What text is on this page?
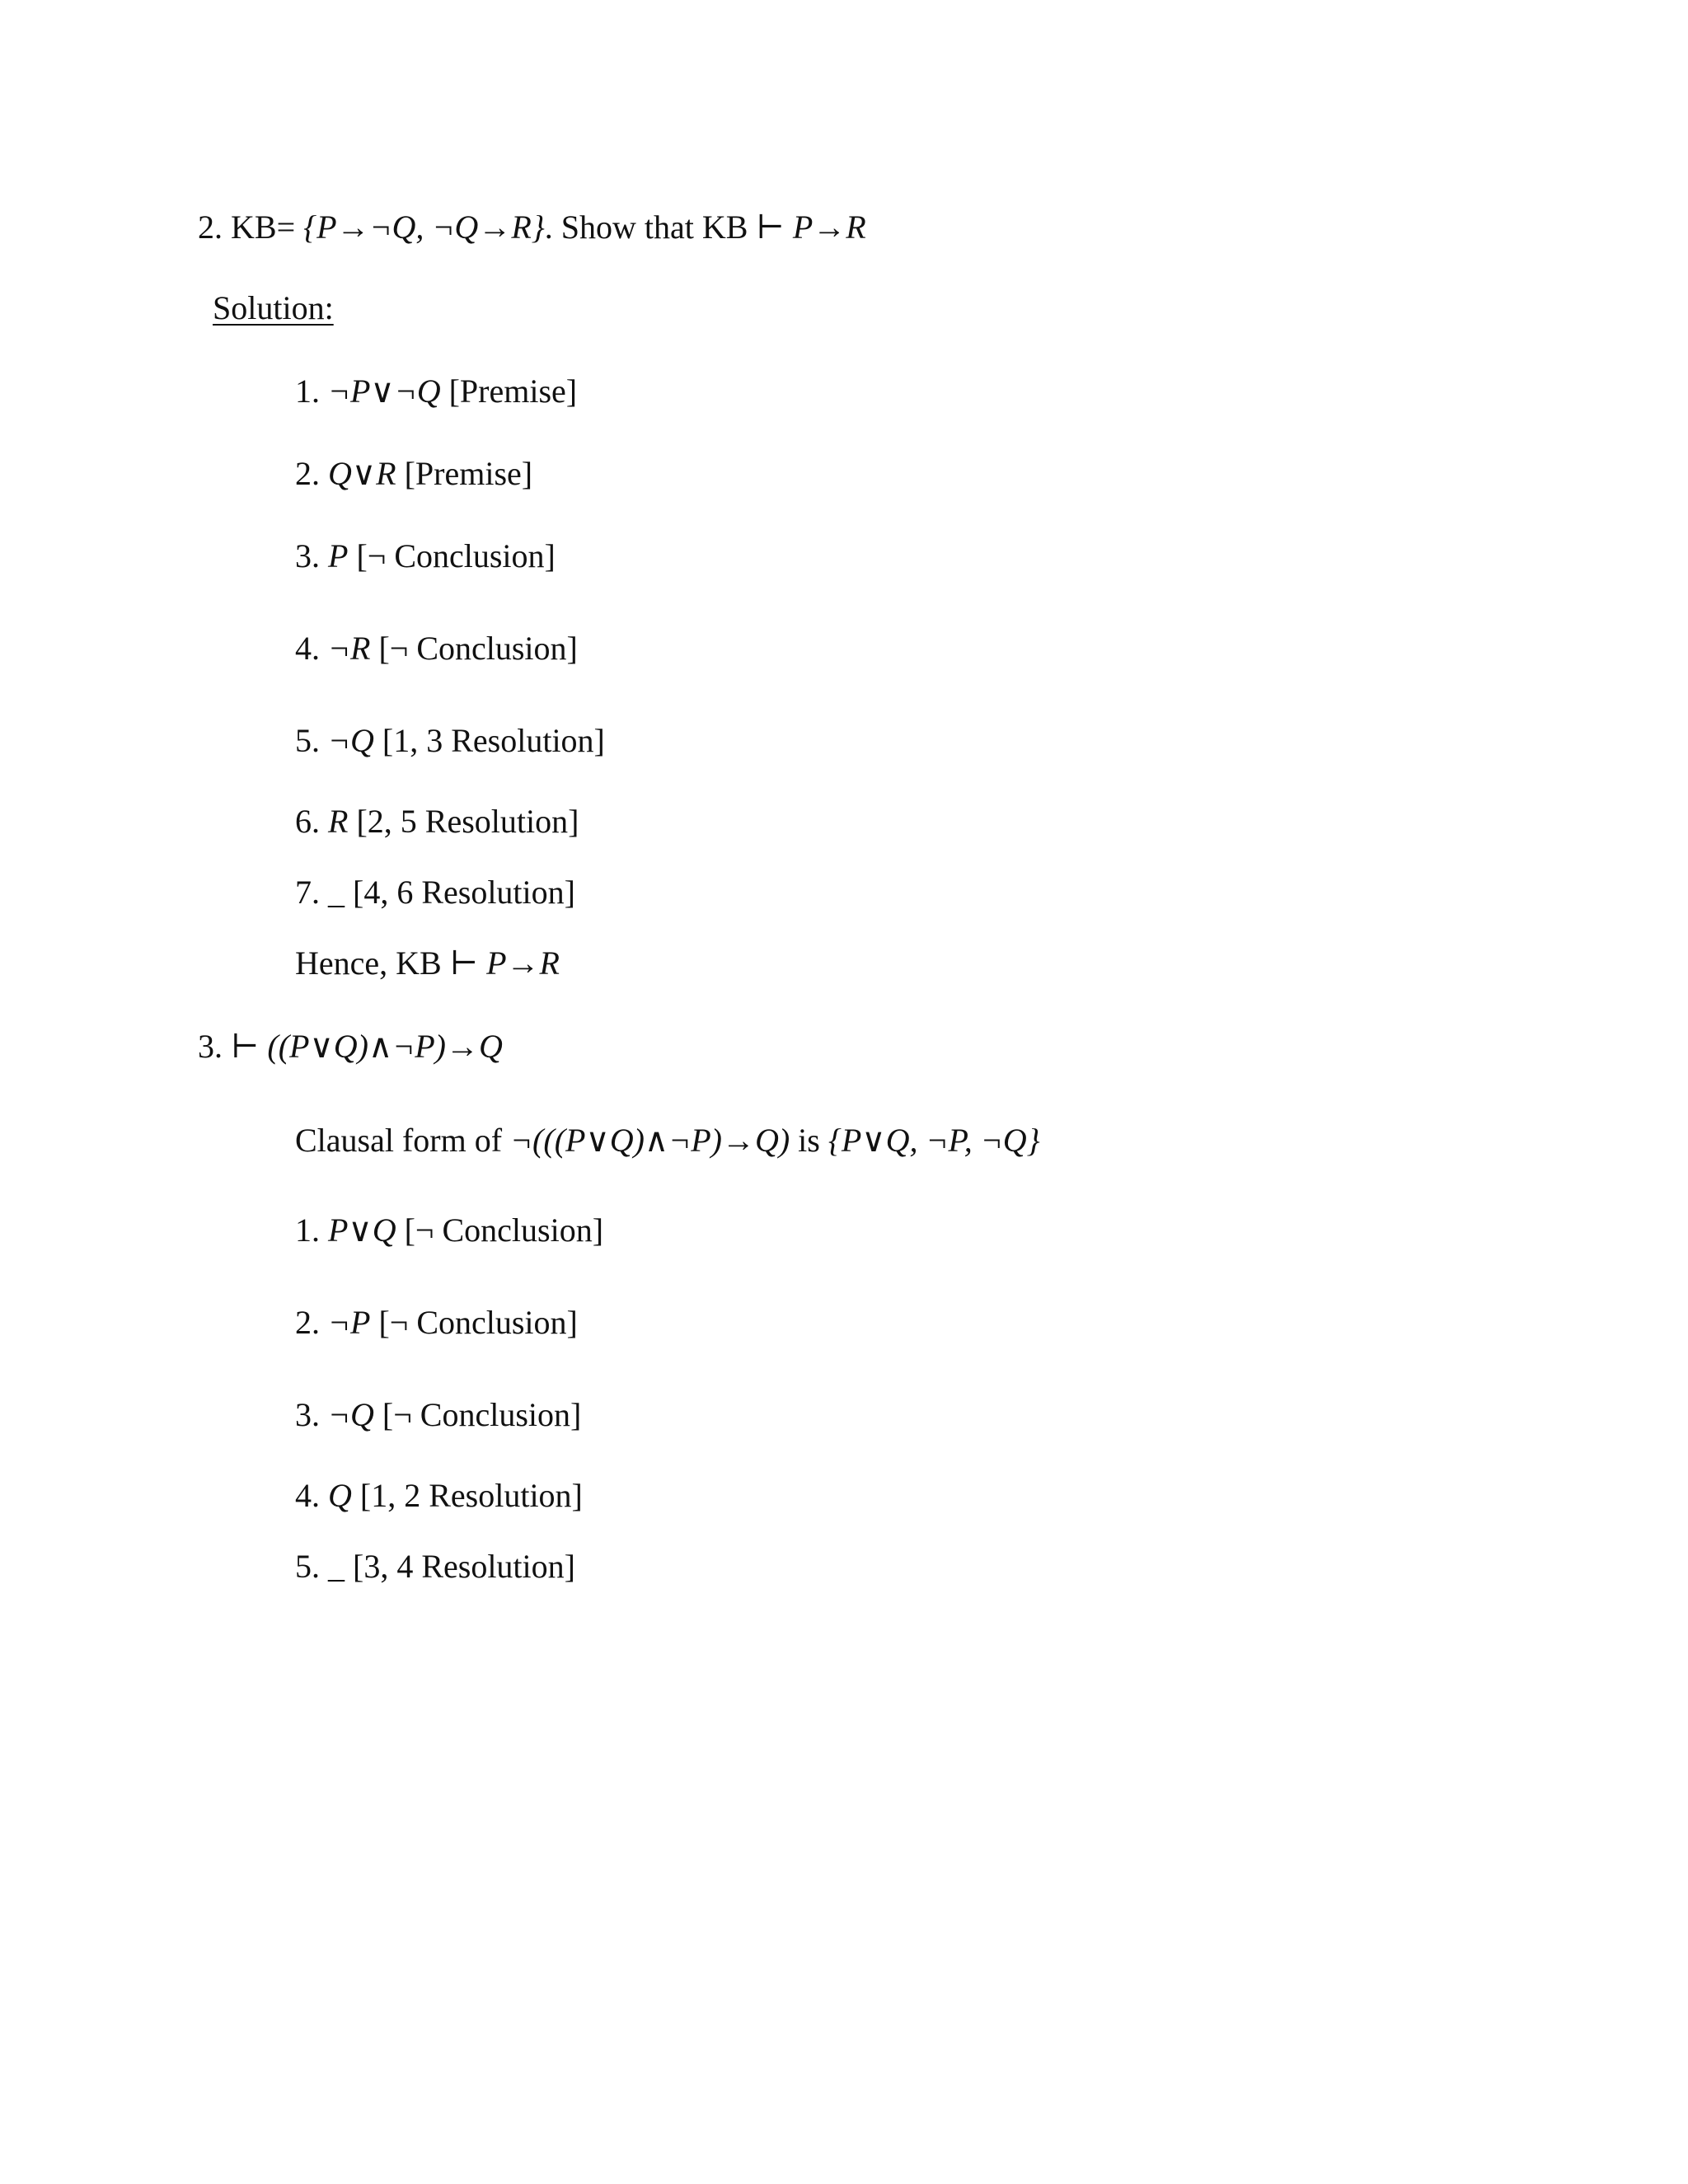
2. KB= {P→¬Q, ¬Q→R}. Show that KB ⊢ P→R
Solution:
1. ¬P∨¬Q [Premise]
2. Q∨R [Premise]
3. P [¬ Conclusion]
4. ¬R [¬ Conclusion]
5. ¬Q [1, 3 Resolution]
6. R [2, 5 Resolution]
7. _ [4, 6 Resolution]
Hence, KB ⊢ P→R
3. ⊢ ((P∨Q)∧¬P)→Q
Clausal form of ¬(((P∨Q)∧¬P)→Q) is {P∨Q, ¬P, ¬Q}
1. P∨Q [¬ Conclusion]
2. ¬P [¬ Conclusion]
3. ¬Q [¬ Conclusion]
4. Q [1, 2 Resolution]
5. _ [3, 4 Resolution]
